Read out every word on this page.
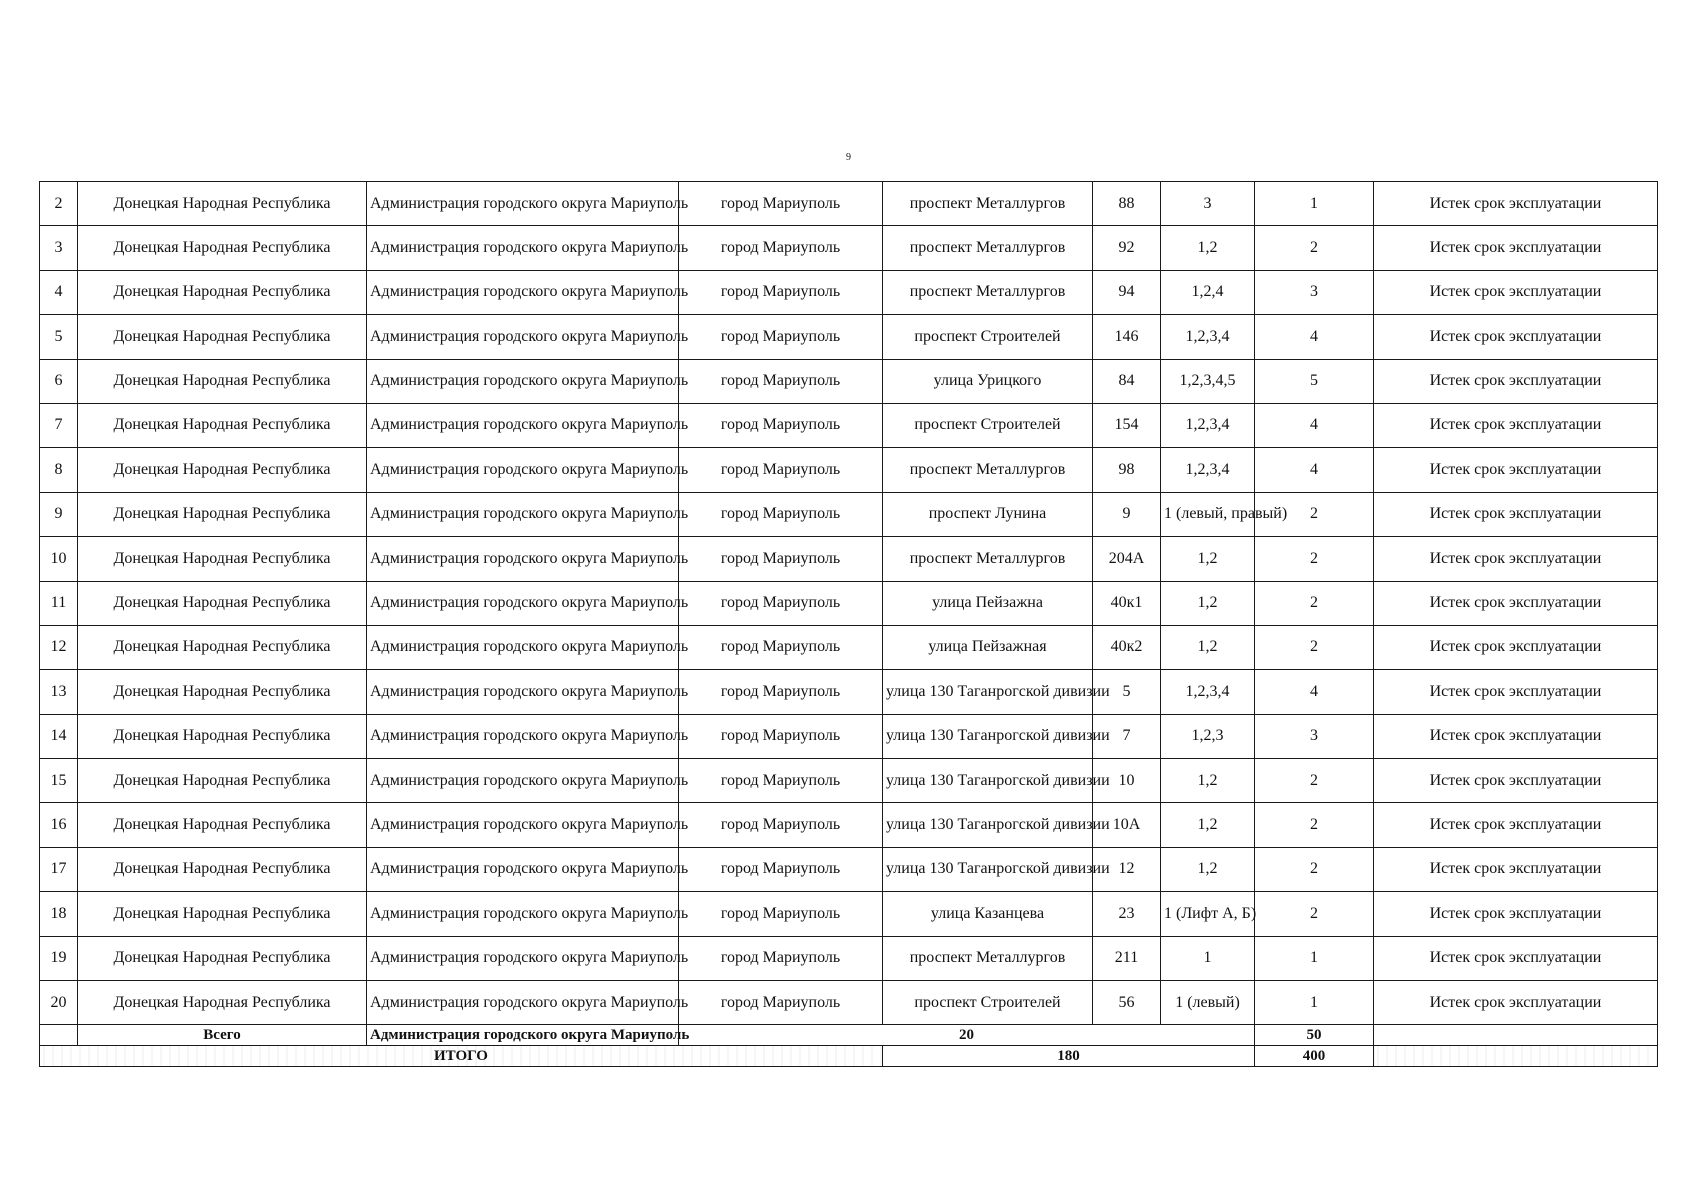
9
2	Донецкая Народная Республика	Администрация городского округа Мариуполь	город Мариуполь	проспект Металлургов	88	3	1	Истек срок эксплуатации
3	Донецкая Народная Республика	Администрация городского округа Мариуполь	город Мариуполь	проспект Металлургов	92	1,2	2	Истек срок эксплуатации
4	Донецкая Народная Республика	Администрация городского округа Мариуполь	город Мариуполь	проспект Металлургов	94	1,2,4	3	Истек срок эксплуатации
5	Донецкая Народная Республика	Администрация городского округа Мариуполь	город Мариуполь	проспект Строителей	146	1,2,3,4	4	Истек срок эксплуатации
6	Донецкая Народная Республика	Администрация городского округа Мариуполь	город Мариуполь	улица Урицкого	84	1,2,3,4,5	5	Истек срок эксплуатации
7	Донецкая Народная Республика	Администрация городского округа Мариуполь	город Мариуполь	проспект Строителей	154	1,2,3,4	4	Истек срок эксплуатации
8	Донецкая Народная Республика	Администрация городского округа Мариуполь	город Мариуполь	проспект Металлургов	98	1,2,3,4	4	Истек срок эксплуатации
9	Донецкая Народная Республика	Администрация городского округа Мариуполь	город Мариуполь	проспект Лунина	9	1 (левый, правый)	2	Истек срок эксплуатации
10	Донецкая Народная Республика	Администрация городского округа Мариуполь	город Мариуполь	проспект Металлургов	204А	1,2	2	Истек срок эксплуатации
11	Донецкая Народная Республика	Администрация городского округа Мариуполь	город Мариуполь	улица Пейзажна	40к1	1,2	2	Истек срок эксплуатации
12	Донецкая Народная Республика	Администрация городского округа Мариуполь	город Мариуполь	улица Пейзажная	40к2	1,2	2	Истек срок эксплуатации
13	Донецкая Народная Республика	Администрация городского округа Мариуполь	город Мариуполь	улица 130 Таганрогской дивизии	5	1,2,3,4	4	Истек срок эксплуатации
14	Донецкая Народная Республика	Администрация городского округа Мариуполь	город Мариуполь	улица 130 Таганрогской дивизии	7	1,2,3	3	Истек срок эксплуатации
15	Донецкая Народная Республика	Администрация городского округа Мариуполь	город Мариуполь	улица 130 Таганрогской дивизии	10	1,2	2	Истек срок эксплуатации
16	Донецкая Народная Республика	Администрация городского округа Мариуполь	город Мариуполь	улица 130 Таганрогской дивизии	10А	1,2	2	Истек срок эксплуатации
17	Донецкая Народная Республика	Администрация городского округа Мариуполь	город Мариуполь	улица 130 Таганрогской дивизии	12	1,2	2	Истек срок эксплуатации
18	Донецкая Народная Республика	Администрация городского округа Мариуполь	город Мариуполь	улица Казанцева	23	1 (Лифт А, Б)	2	Истек срок эксплуатации
19	Донецкая Народная Республика	Администрация городского округа Мариуполь	город Мариуполь	проспект Металлургов	211	1	1	Истек срок эксплуатации
20	Донецкая Народная Республика	Администрация городского округа Мариуполь	город Мариуполь	проспект Строителей	56	1 (левый)	1	Истек срок эксплуатации
	Всего	Администрация городского округа Мариуполь	20				50	
ИТОГО				180			400	
